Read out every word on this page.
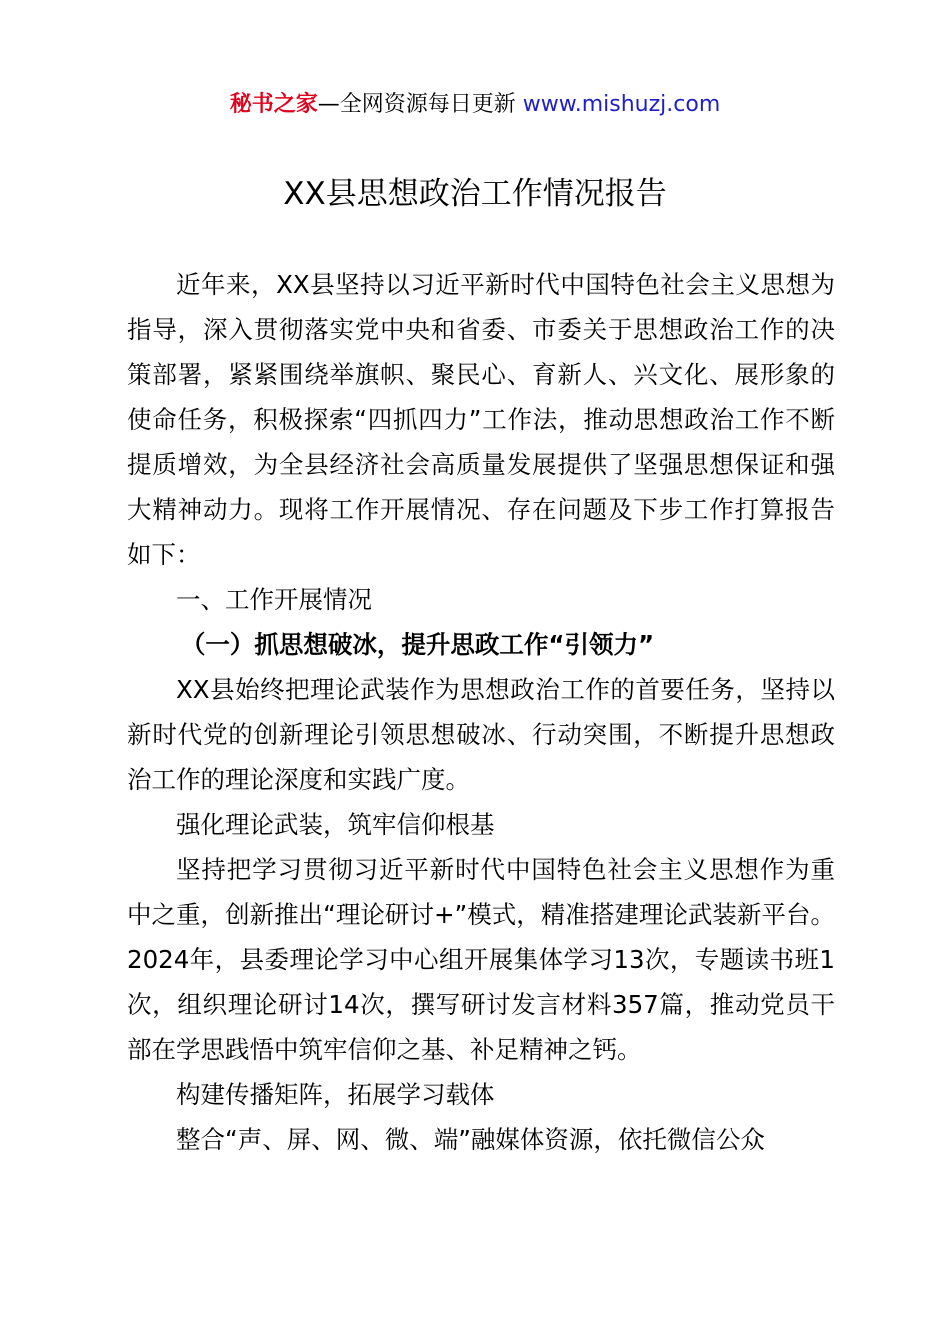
秘书之家—全网资源每日更新 www.mishuzj.com
XX县思想政治工作情况报告

近年来，XX县坚持以习近平新时代中国特色社会主义思想为指导，深入贯彻落实党中央和省委、市委关于思想政治工作的决策部署，紧紧围绕举旗帜、聚民心、育新人、兴文化、展形象的使命任务，积极探索“四抓四力”工作法，推动思想政治工作不断提质增效，为全县经济社会高质量发展提供了坚强思想保证和强大精神动力。现将工作开展情况、存在问题及下步工作打算报告如下：

一、工作开展情况

（一）抓思想破冰，提升思政工作“引领力”

XX县始终把理论武装作为思想政治工作的首要任务，坚持以新时代党的创新理论引领思想破冰、行动突围，不断提升思想政治工作的理论深度和实践广度。

强化理论武装，筑牢信仰根基

坚持把学习贯彻习近平新时代中国特色社会主义思想作为重中之重，创新推出“理论研讨+”模式，精准搭建理论武装新平台。2024年，县委理论学习中心组开展集体学习13次，专题读书班1次，组织理论研讨14次，撰写研讨发言材料357篇，推动党员干部在学思践悟中筑牢信仰之基、补足精神之钙。

构建传播矩阵，拓展学习载体

整合“声、屏、网、微、端”融媒体资源，依托微信公众
